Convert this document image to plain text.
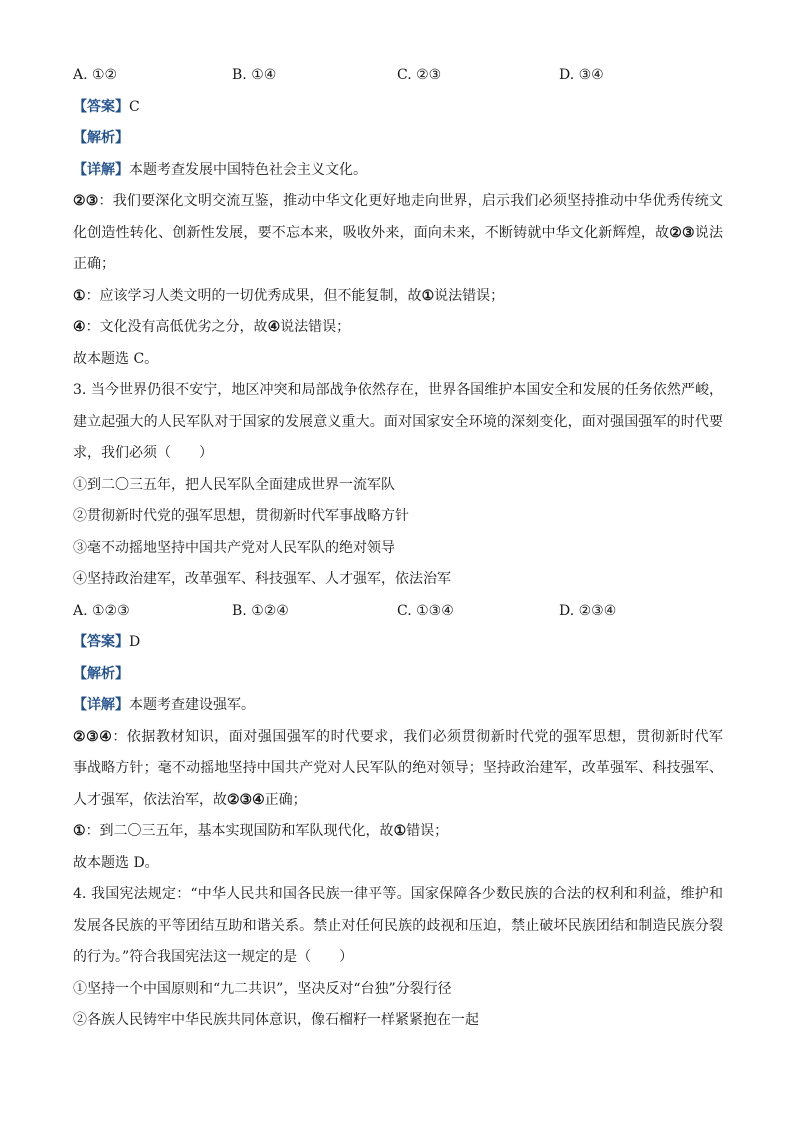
A. ①②	B. ①④	C. ②③	D. ③④
【答案】C
【解析】
【详解】本题考查发展中国特色社会主义文化。
②③：我们要深化文明交流互鉴，推动中华文化更好地走向世界，启示我们必须坚持推动中华优秀传统文
化创造性转化、创新性发展，要不忘本来，吸收外来，面向未来，不断铸就中华文化新辉煌，故②③说法
正确；
①：应该学习人类文明的一切优秀成果，但不能复制，故①说法错误；
④：文化没有高低优劣之分，故④说法错误；
故本题选 C。
3. 当今世界仍很不安宁，地区冲突和局部战争依然存在，世界各国维护本国安全和发展的任务依然严峻，
建立起强大的人民军队对于国家的发展意义重大。面对国家安全环境的深刻变化，面对强国强军的时代要
求，我们必须（　　）
①到二〇三五年，把人民军队全面建成世界一流军队
②贯彻新时代党的强军思想，贯彻新时代军事战略方针
③毫不动摇地坚持中国共产党对人民军队的绝对领导
④坚持政治建军，改革强军、科技强军、人才强军，依法治军
A. ①②③	B. ①②④	C. ①③④	D. ②③④
【答案】D
【解析】
【详解】本题考查建设强军。
②③④：依据教材知识，面对强国强军的时代要求，我们必须贯彻新时代党的强军思想，贯彻新时代军
事战略方针；毫不动摇地坚持中国共产党对人民军队的绝对领导；坚持政治建军，改革强军、科技强军、
人才强军，依法治军，故②③④正确；
①：到二〇三五年，基本实现国防和军队现代化，故①错误；
故本题选 D。
4. 我国宪法规定：“中华人民共和国各民族一律平等。国家保障各少数民族的合法的权利和利益，维护和
发展各民族的平等团结互助和谐关系。禁止对任何民族的歧视和压迫，禁止破坏民族团结和制造民族分裂
的行为。”符合我国宪法这一规定的是（　　）
①坚持一个中国原则和“九二共识”，坚决反对“台独”分裂行径
②各族人民铸牢中华民族共同体意识，像石榴籽一样紧紧抱在一起
